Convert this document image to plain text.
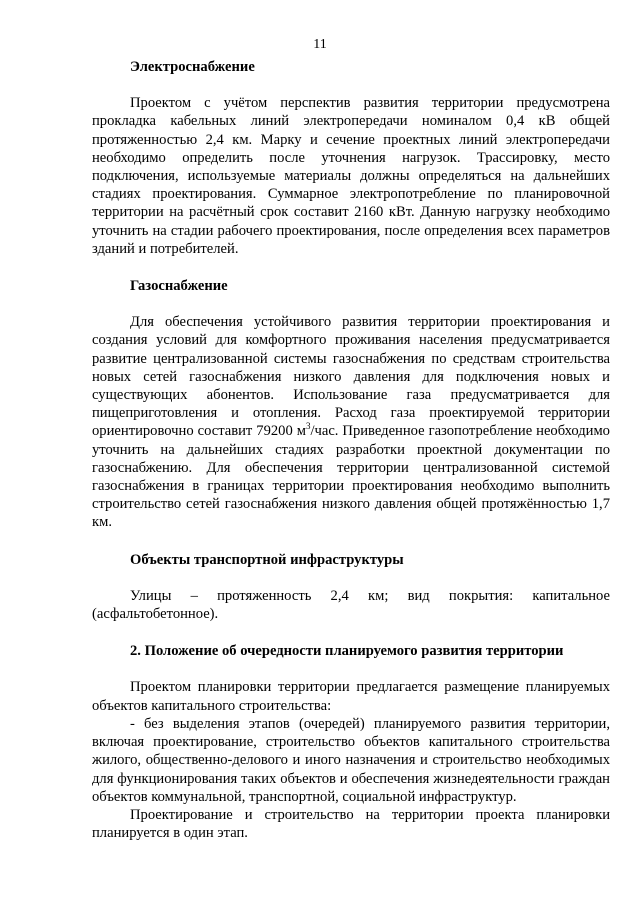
11
Электроснабжение

Проектом с учётом перспектив развития территории предусмотрена прокладка кабельных линий электропередачи номиналом 0,4 кВ общей протяженностью 2,4 км. Марку и сечение проектных линий электропередачи необходимо определить после уточнения нагрузок. Трассировку, место подключения, используемые материалы должны определяться на дальнейших стадиях проектирования. Суммарное электропотребление по планировочной территории на расчётный срок составит 2160 кВт. Данную нагрузку необходимо уточнить на стадии рабочего проектирования, после определения всех параметров зданий и потребителей.

Газоснабжение

Для обеспечения устойчивого развития территории проектирования и создания условий для комфортного проживания населения предусматривается развитие централизованной системы газоснабжения по средствам строительства новых сетей газоснабжения низкого давления для подключения новых и существующих абонентов. Использование газа предусматривается для пищеприготовления и отопления. Расход газа проектируемой территории ориентировочно составит 79200 $м^3$/час. Приведенное газопотребление необходимо уточнить на дальнейших стадиях разработки проектной документации по газоснабжению. Для обеспечения территории централизованной системой газоснабжения в границах территории проектирования необходимо выполнить строительство сетей газоснабжения низкого давления общей протяжённостью 1,7 км.

Объекты транспортной инфраструктуры

Улицы – протяженность 2,4 км; вид покрытия: капитальное (асфальтобетонное).

2. Положение об очередности планируемого развития территории

Проектом планировки территории предлагается размещение планируемых объектов капитального строительства:

- без выделения этапов (очередей) планируемого развития территории, включая проектирование, строительство объектов капитального строительства жилого, общественно-делового и иного назначения и строительство необходимых для функционирования таких объектов и обеспечения жизнедеятельности граждан объектов коммунальной, транспортной, социальной инфраструктур.

Проектирование и строительство на территории проекта планировки планируется в один этап.
